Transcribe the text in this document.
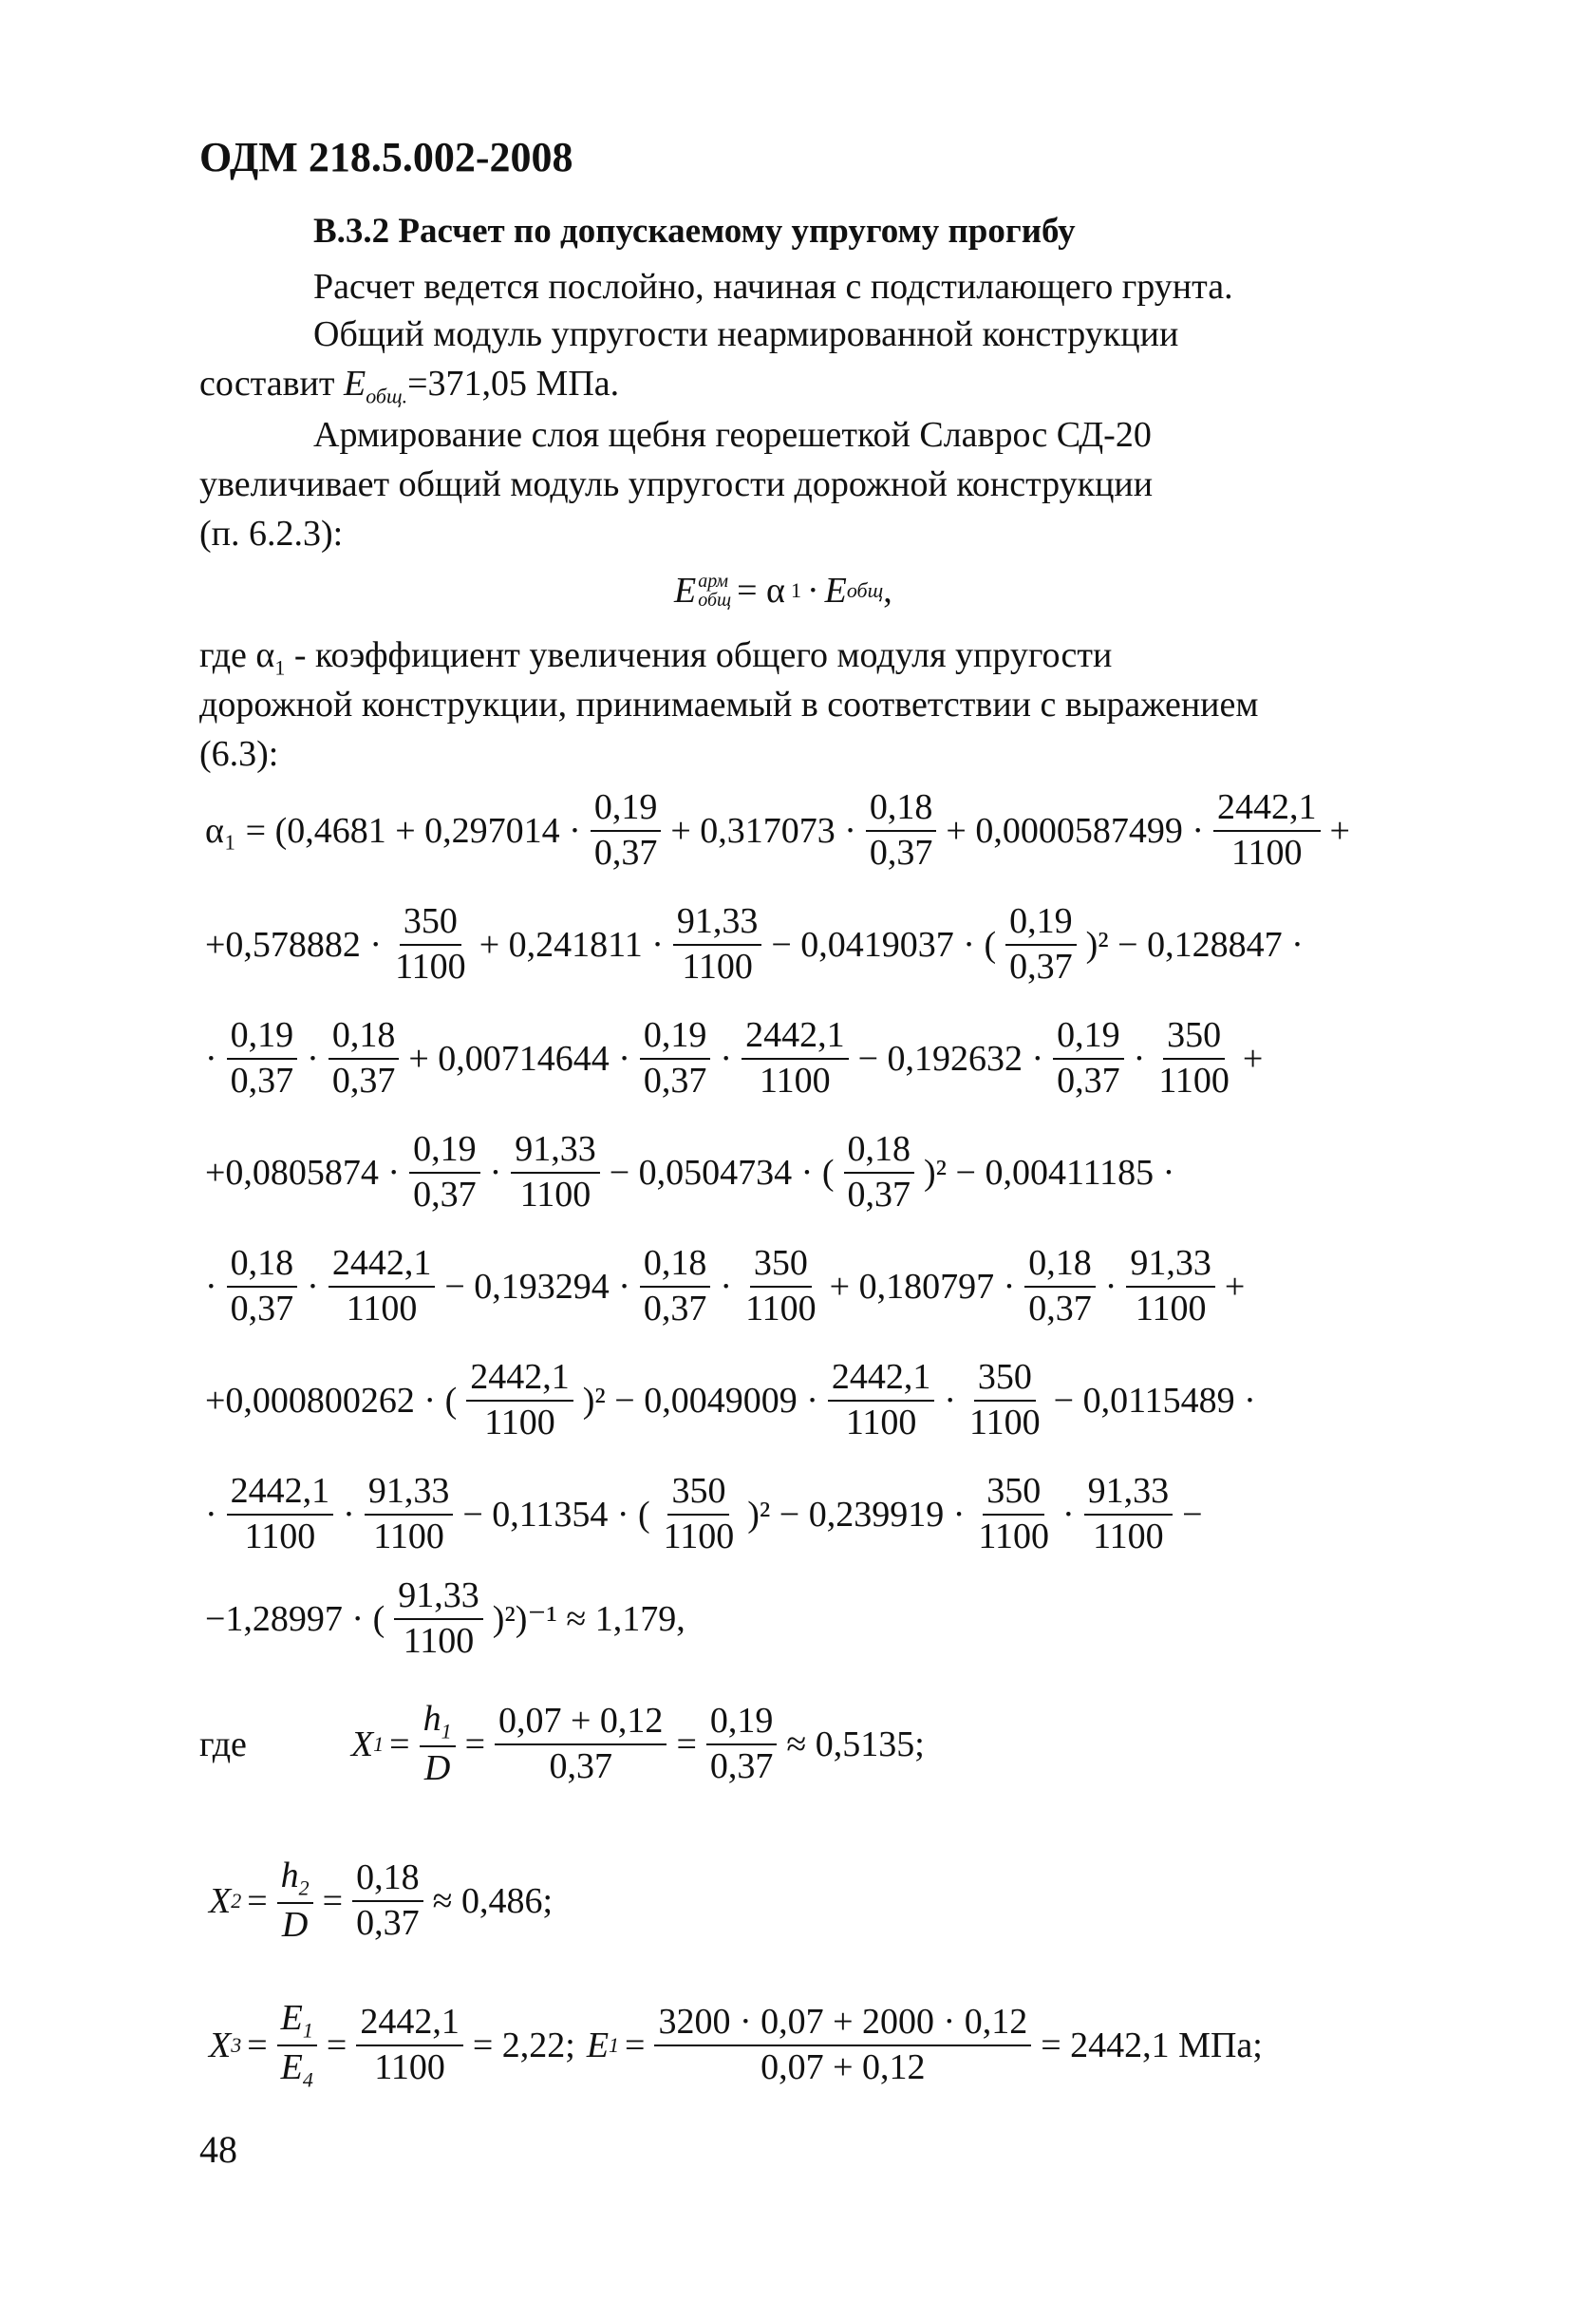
ОДМ 218.5.002-2008
В.3.2 Расчет по допускаемому упругому прогибу
Расчет ведется послойно, начиная с подстилающего грунта.
Общий модуль упругости неармированной конструкции
составит $E_{общ.}=371,05$ МПа.
Армирование слоя щебня георешеткой Славрос СД-20
увеличивает общий модуль упругости дорожной конструкции
(п. 6.2.3):
E арм
общ = α 1 · E общ ,
где $\alpha_1$ - коэффициент увеличения общего модуля упругости
дорожной конструкции, принимаемый в соответствии с выражением
(6.3):
$\alpha_1 = (0,4681 + 0,297014 \cdot \frac{0,19}{0,37} + 0,317073 \cdot \frac{0,18}{0,37} + 0,0000587499 \cdot \frac{2442,1}{1100}$ +
$+0,578882 \cdot \frac{350}{1100} + 0,241811 \cdot \frac{91,33}{1100} - 0,0419037$ · ( $\frac{0,19}{0,37} )^2 - 0,128847$ ·
· $\frac{0,19}{0,37} \cdot \frac{0,18}{0,37} + 0,00714644 \cdot \frac{0,19}{0,37} \cdot \frac{2442,1}{1100} - 0,192632 \cdot \frac{0,19}{0,37} \cdot \frac{350}{1100}$ +
$+0,0805874 \cdot \frac{0,19}{0,37} \cdot \frac{91,33}{1100} - 0,0504734$ · ( $\frac{0,18}{0,37} )^2 - 0,00411185$ ·
· $\frac{0,18}{0,37} \cdot \frac{2442,1}{1100} - 0,193294 \cdot \frac{0,18}{0,37} \cdot \frac{350}{1100} + 0,180797 \cdot \frac{0,18}{0,37} \cdot \frac{91,33}{1100}$ +
+0,000800262 · ( $\frac{2442,1}{1100} )^2 - 0,0049009 \cdot \frac{2442,1}{1100} \cdot \frac{350}{1100} - 0,0115489$ ·
· $\frac{2442,1}{1100} \cdot \frac{91,33}{1100} - 0,11354$ · ( $\frac{350}{1100} )^2 - 0,239919 \cdot \frac{350}{1100} \cdot \frac{91,33}{1100}$ −
−1,28997 · ( $\frac{91,33}{1100} )^2)^{-1} \approx 1,179$,
где	X $1 = \frac{h_1}{D} = \frac{0,07 + 0,12}{0,37} = \frac{0,19}{0,37} \approx 0,5135$;
X $2 = \frac{h_2}{D} = \frac{0,18}{0,37} \approx 0,486$;
X $3 = \frac{E_1}{E_4} = \frac{2442,1}{1100} = 2,22$; E $1 = \frac{3200 \cdot 0,07 + 2000 \cdot 0,12}{0,07 + 0,12} = 2442,1$ МПа;
48
